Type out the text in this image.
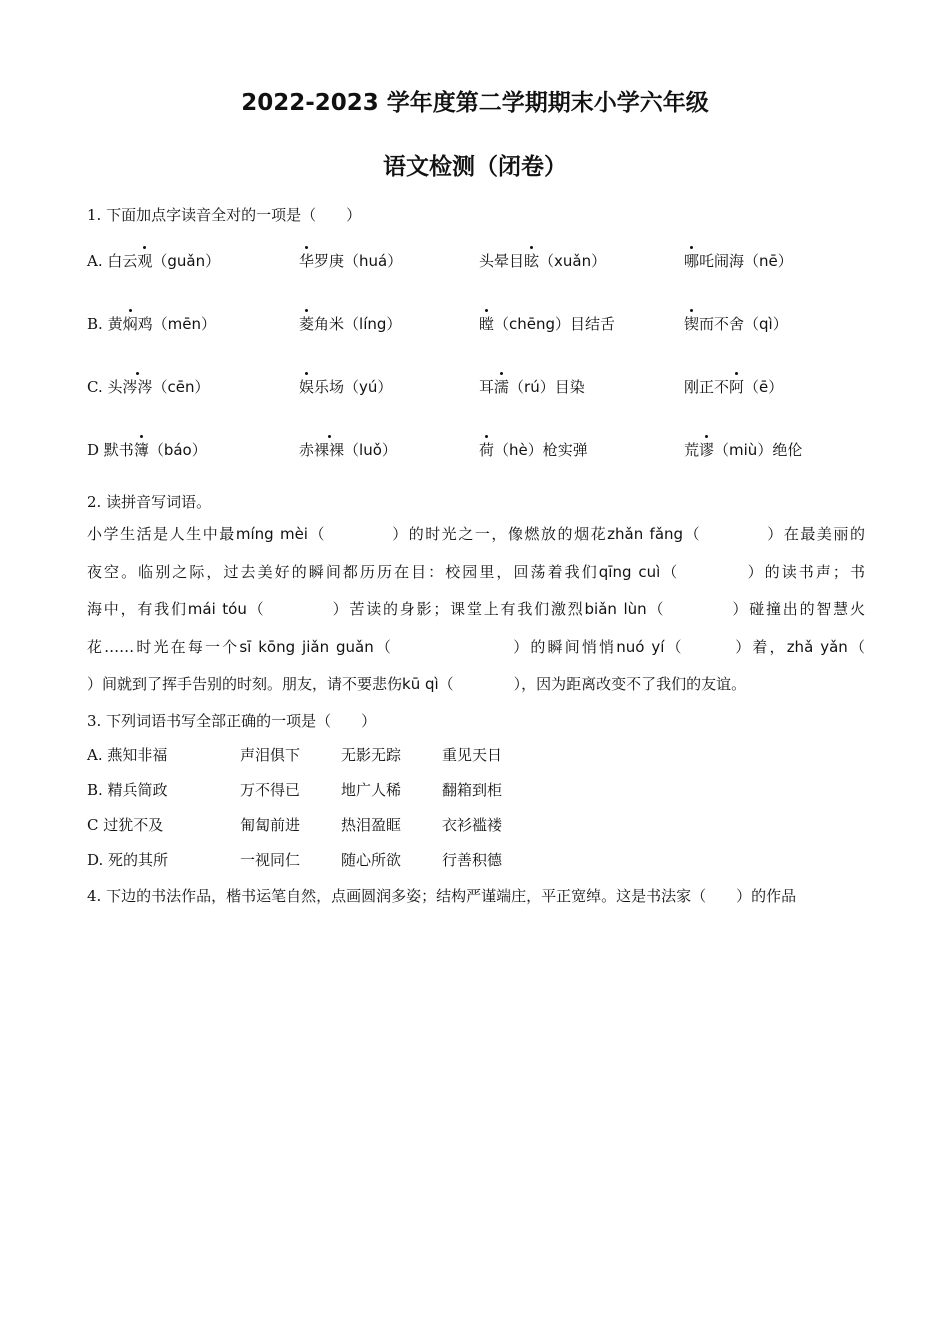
2022-2023 学年度第二学期期末小学六年级
语文检测（闭卷）
1. 下面加点字读音全对的一项是（　　）
A. 白云观（guǎn）	华罗庚（huá）	头晕目眩（xuǎn）	哪吒闹海（nē）
B. 黄焖鸡（mēn）	菱角米（líng）	瞠（chēng）目结舌	锲而不舍（qì）
C. 头涔涔（cēn）	娱乐场（yú）	耳濡（rú）目染	刚正不阿（ē）
D 默书簿（báo）	赤裸裸（luǒ）	荷（hè）枪实弹	荒谬（miù）绝伦
2. 读拼音写词语。
小学生活是人生中最míng mèi（　　　　）的时光之一，像燃放的烟花zhǎn fǎng（　　　　）在最美丽的
夜空。临别之际，过去美好的瞬间都历历在目：校园里，回荡着我们qīng cuì（　　　　）的读书声；书
海中，有我们mái tóu（　　　　）苦读的身影；课堂上有我们激烈biǎn lùn（　　　　）碰撞出的智慧火
花……时光在每一个sī kōng jiǎn guǎn（　　　　　　　）的瞬间悄悄nuó yí（　　　）着，zhǎ yǎn（
）间就到了挥手告别的时刻。朋友，请不要悲伤kū qì（　　　　），因为距离改变不了我们的友谊。
3. 下列词语书写全部正确的一项是（　　）
A. 燕知非福	声泪俱下	无影无踪	重见天日
B. 精兵简政	万不得已	地广人稀	翻箱到柜
C 过犹不及	匍匐前进	热泪盈眶	衣衫褴褛
D. 死的其所	一视同仁	随心所欲	行善积德
4. 下边的书法作品，楷书运笔自然，点画圆润多姿；结构严谨端庄，平正宽绰。这是书法家（　　）的作品
